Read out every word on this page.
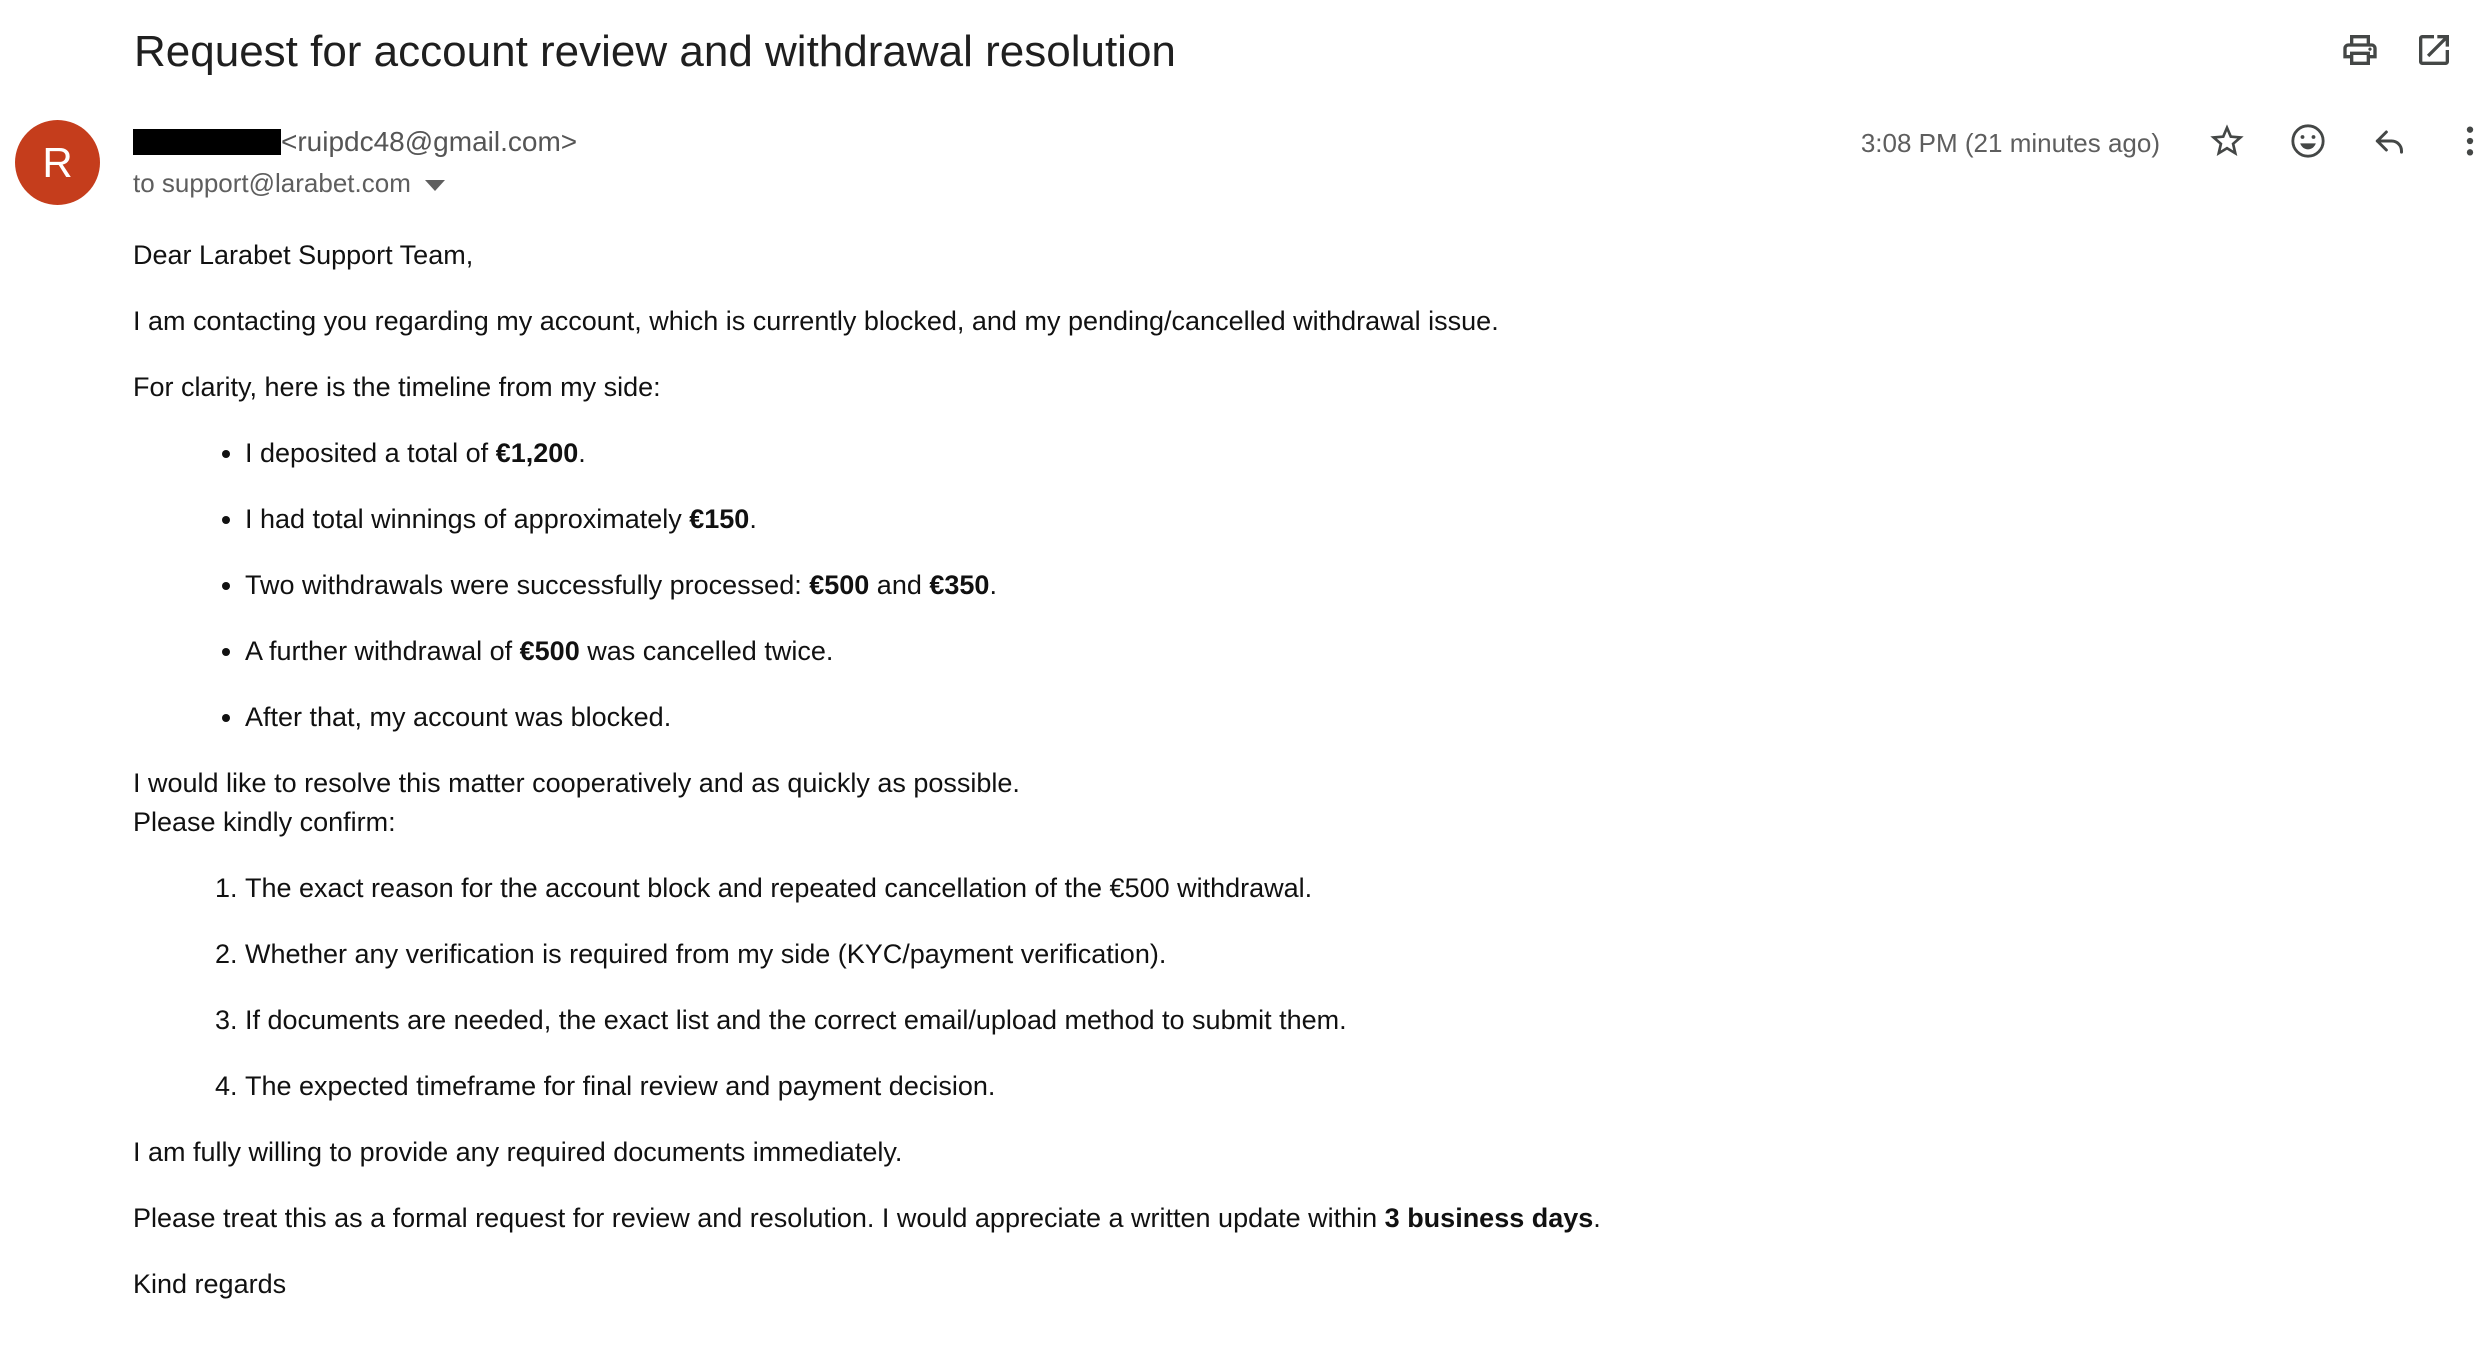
Request for account review and withdrawal resolution
R	<ruipdc48@gmail.com>
to support@larabet.com
3:08 PM (21 minutes ago)

Dear Larabet Support Team,

I am contacting you regarding my account, which is currently blocked, and my pending/cancelled withdrawal issue.

For clarity, here is the timeline from my side:

• I deposited a total of €1,200.
• I had total winnings of approximately €150.
• Two withdrawals were successfully processed: €500 and €350.
• A further withdrawal of €500 was cancelled twice.
• After that, my account was blocked.

I would like to resolve this matter cooperatively and as quickly as possible.
Please kindly confirm:

1. The exact reason for the account block and repeated cancellation of the €500 withdrawal.
2. Whether any verification is required from my side (KYC/payment verification).
3. If documents are needed, the exact list and the correct email/upload method to submit them.
4. The expected timeframe for final review and payment decision.

I am fully willing to provide any required documents immediately.

Please treat this as a formal request for review and resolution. I would appreciate a written update within 3 business days.

Kind regards
